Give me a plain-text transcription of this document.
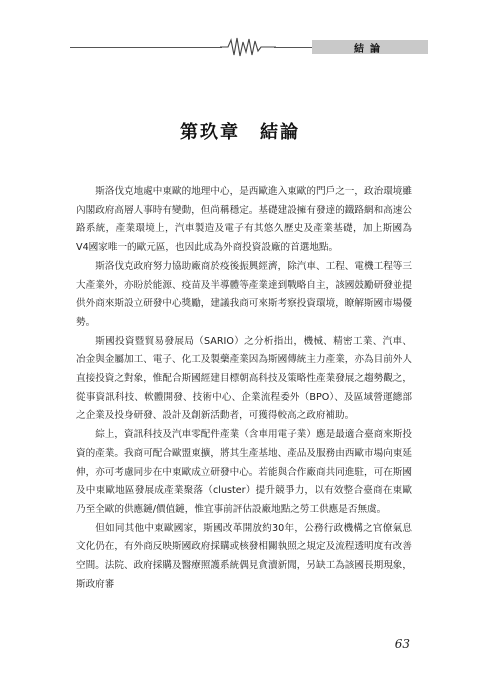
結論
第玖章　結論

斯洛伐克地處中東歐的地理中心，是西歐進入東歐的門戶之一，政治環境雖內閣政府高層人事時有變動，但尚稱穩定。基礎建設擁有發達的鐵路網和高速公路系統，產業環境上，汽車製造及電子有其悠久歷史及產業基礎，加上斯國為V4國家唯一的歐元區，也因此成為外商投資設廠的首選地點。

斯洛伐克政府努力協助廠商於疫後振興經濟，除汽車、工程、電機工程等三大產業外，亦盼於能源、疫苗及半導體等產業達到戰略自主，該國鼓勵研發並提供外商來斯設立研發中心獎勵，建議我商可來斯考察投資環境，瞭解斯國市場優勢。

斯國投資暨貿易發展局（SARIO）之分析指出，機械、精密工業、汽車、冶金與金屬加工、電子、化工及製藥產業因為斯國傳統主力產業，亦為目前外人直接投資之對象，惟配合斯國經建目標朝高科技及策略性產業發展之趨勢觀之，從事資訊科技、軟體開發、技術中心、企業流程委外（BPO）、及區域營運總部之企業及投身研發、設計及創新活動者，可獲得較高之政府補助。

綜上，資訊科技及汽車零配件產業（含車用電子業）應是最適合臺商來斯投資的產業。我商可配合歐盟東擴，將其生產基地、產品及服務由西歐市場向東延伸，亦可考慮同步在中東歐成立研發中心。若能與合作廠商共同進駐，可在斯國及中東歐地區發展成產業聚落（cluster）提升競爭力，以有效整合臺商在東歐乃至全歐的供應鏈/價值鏈，惟宜事前評估設廠地點之勞工供應是否無虞。

但如同其他中東歐國家，斯國改革開放約30年，公務行政機構之官僚氣息文化仍在，有外商反映斯國政府採購或核發相關執照之規定及流程透明度有改善空間。法院、政府採購及醫療照護系統偶見貪瀆新聞，另缺工為該國長期現象，斯政府審

63
